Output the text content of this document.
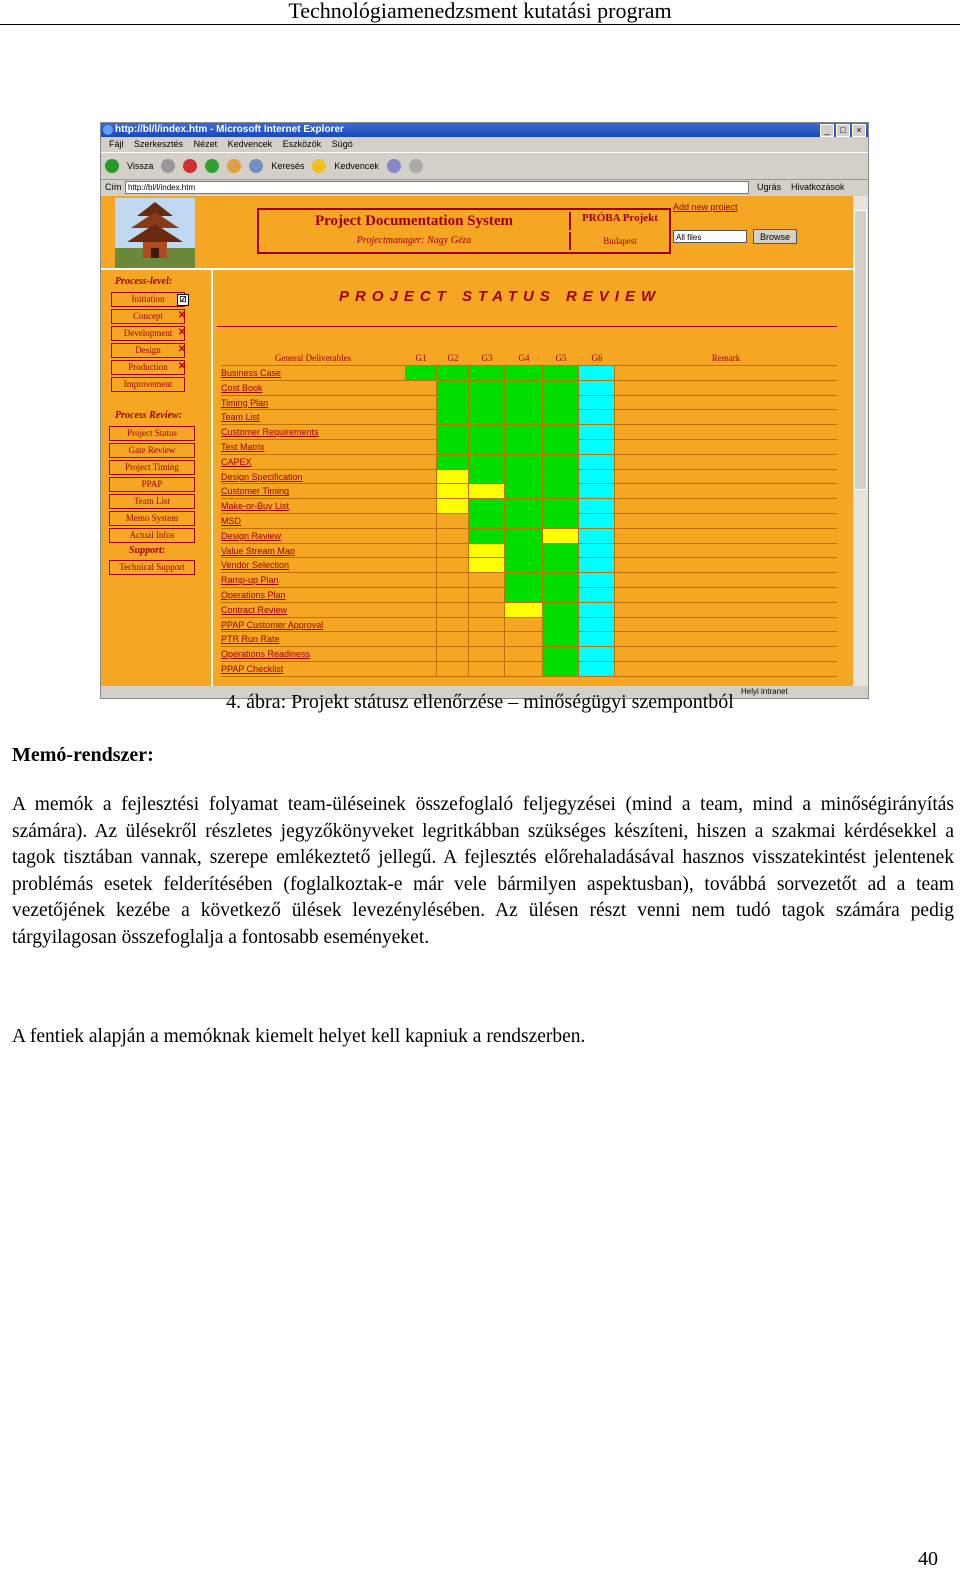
Technológiamenedzsment kutatási program
http://bl/l/index.htm - Microsoft Internet Explorer	_	□	×
Fájl Szerkesztés Nézet Kedvencek Eszközök Súgó
Vissza	Keresés	Kedvencek
Cím http://bl/l/index.htm	Ugrás Hivatkozások
Project Documentation System
Projectmanager: Nagy Géza
PRÓBA Projekt
Budapest
Add new project
All files	Browse
Process-level:
Initiation	☑
Concept	✕
Development ✕
Design	✕
Production	✕
Improvement
Process Review:
Project Status
Gate Review
Project Timing
PPAP
Team List
Memo System
Actual Infos
Support:
Technical Support
PROJECT STATUS REVIEW
General Deliverables	G1	G2	G3	G4	G5	G6	Remark
Business Case
Cost Book
Timing Plan
Team List
Customer Requirements
Test Matrix
CAPEX
Design Specification
Customer Timing
Make-or-Buy List
MSD
Design Review
Value Stream Map
Vendor Selection
Ramp-up Plan
Operations Plan
Contract Review
PPAP Customer Approval
PTR Run Rate
Operations Readiness
PPAP Checklist
Helyi intranet
4. ábra: Projekt státusz ellenőrzése – minőségügyi szempontból
Memó-rendszer:
A memók a fejlesztési folyamat team-üléseinek összefoglaló feljegyzései (mind a team, mind a minőségirányítás számára). Az ülésekről részletes jegyzőkönyveket legritkábban szükséges készíteni, hiszen a szakmai kérdésekkel a tagok tisztában vannak, szerepe emlékeztető jellegű. A fejlesztés előrehaladásával hasznos visszatekintést jelentenek problémás esetek felderítésében (foglalkoztak-e már vele bármilyen aspektusban), továbbá sorvezetőt ad a team vezetőjének kezébe a következő ülések levezénylésében. Az ülésen részt venni nem tudó tagok számára pedig tárgyilagosan összefoglalja a fontosabb eseményeket.
A fentiek alapján a memóknak kiemelt helyet kell kapniuk a rendszerben.
40
